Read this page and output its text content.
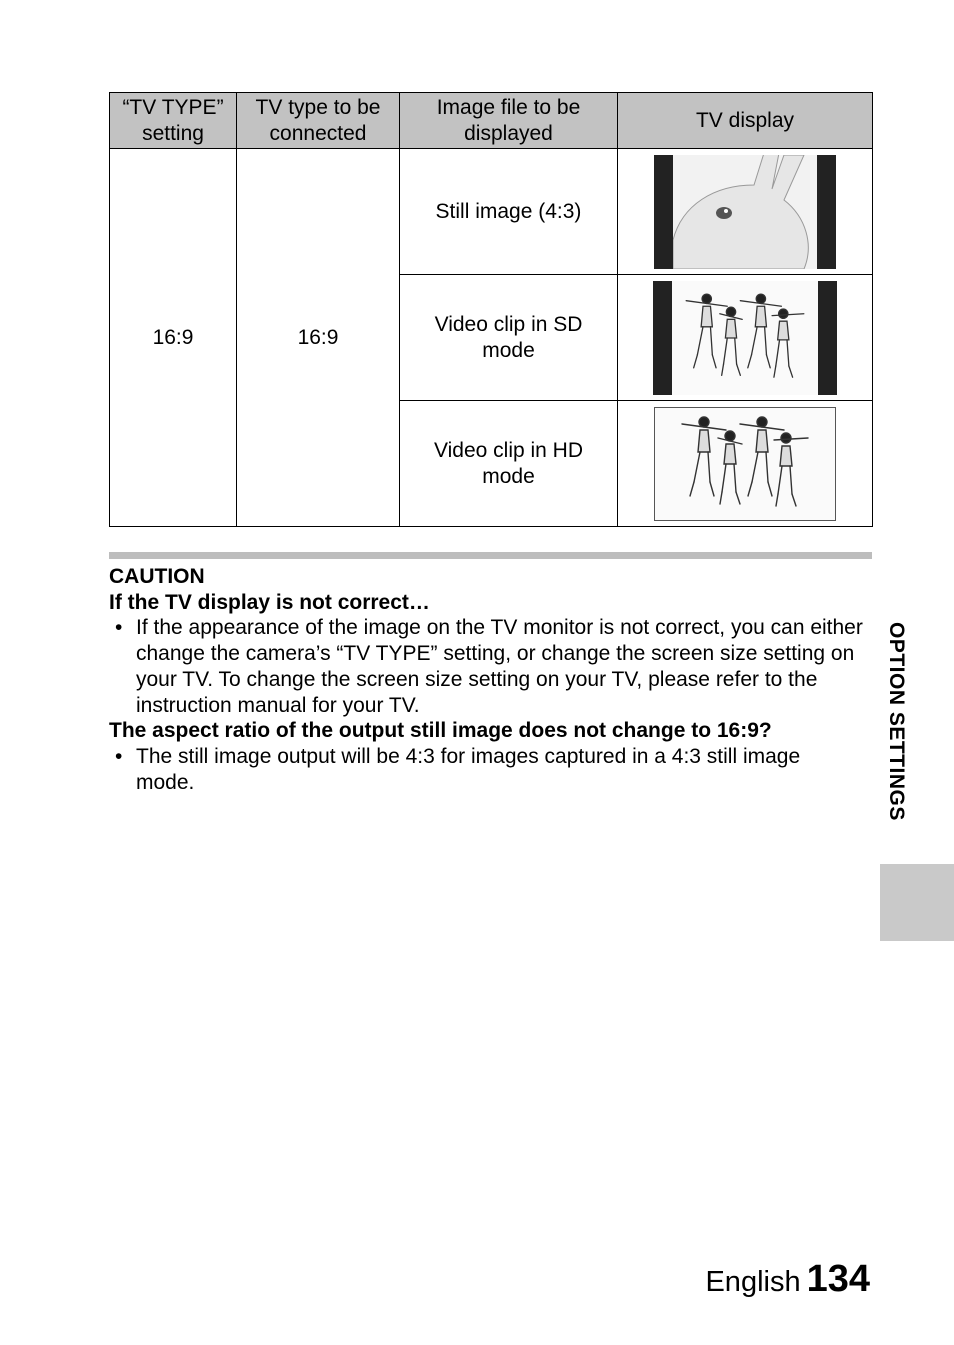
“TV TYPE” setting	TV type to be connected	Image file to be displayed	TV display
16:9	16:9	Still image (4:3)	

		Video clip in SD mode	

		Video clip in HD mode	
CAUTION
If the TV display is not correct…
• If the appearance of the image on the TV monitor is not correct, you can either change the camera’s “TV TYPE” setting, or change the screen size setting on your TV. To change the screen size setting on your TV, please refer to the instruction manual for your TV.
The aspect ratio of the output still image does not change to 16:9?
• The still image output will be 4:3 for images captured in a 4:3 still image mode.	OPTION SETTINGS
English 134
